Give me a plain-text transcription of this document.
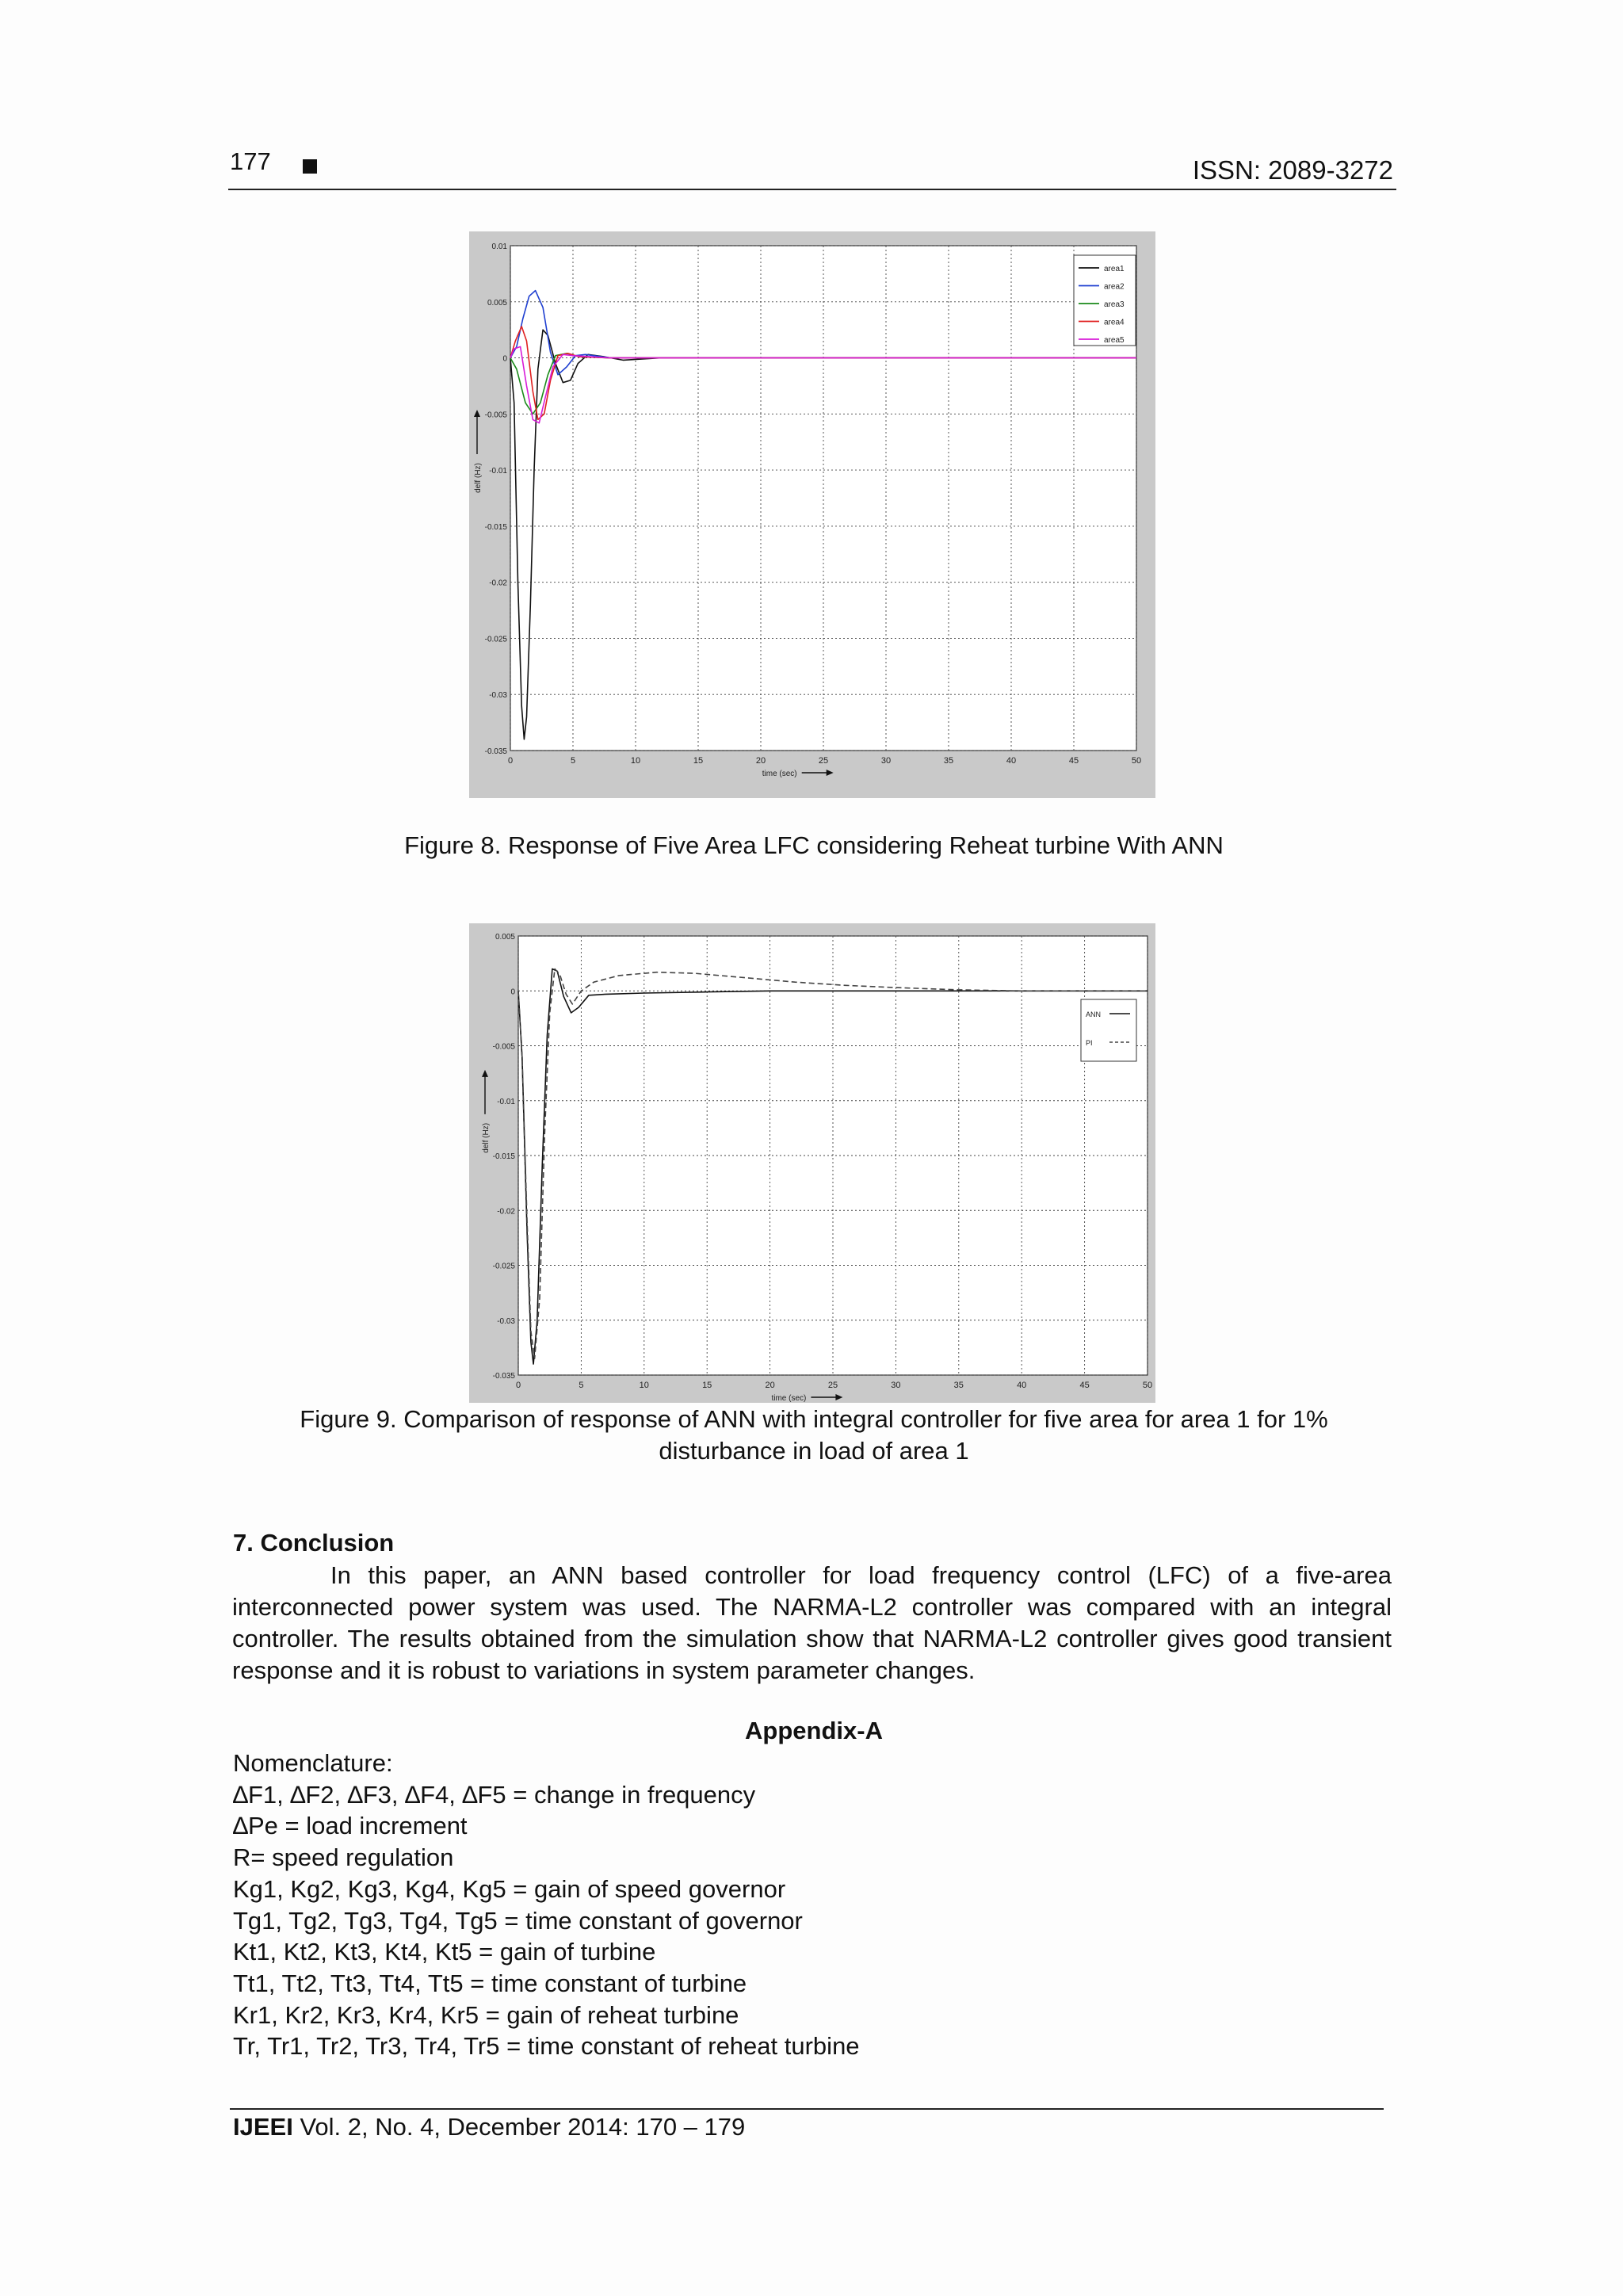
177	ISSN: 2089-3272
0	5	10	15	20	25	30	35	40	45	50
0.01
0.005
0
-0.005
-0.01
-0.015
-0.02
-0.025
-0.03
-0.035
time (sec)
delf (Hz)
area1
area2
area3
area4
area5
Figure 8. Response of Five Area LFC considering Reheat turbine With ANN
0	5	10	15	20	25	30	35	40	45	50
0.005
0
-0.005
-0.01
-0.015
-0.02
-0.025
-0.03
-0.035
time (sec)
delf (Hz)
ANN
PI
Figure 9. Comparison of response of ANN with integral controller for five area for area 1 for 1%
disturbance in load of area 1
7. Conclusion

In this paper, an ANN based controller for load frequency control (LFC) of a five-area interconnected power system was used. The NARMA-L2 controller was compared with an integral controller. The results obtained from the simulation show that NARMA-L2 controller gives good transient response and it is robust to variations in system parameter changes.

Appendix-A
Nomenclature:
∆F1, ∆F2, ∆F3, ∆F4, ∆F5 = change in frequency
∆Pe = load increment
R= speed regulation
Kg1, Kg2, Kg3, Kg4, Kg5 = gain of speed governor
Tg1, Tg2, Tg3, Tg4, Tg5 = time constant of governor
Kt1, Kt2, Kt3, Kt4, Kt5 = gain of turbine
Tt1, Tt2, Tt3, Tt4, Tt5 = time constant of turbine
Kr1, Kr2, Kr3, Kr4, Kr5 = gain of reheat turbine
Tr, Tr1, Tr2, Tr3, Tr4, Tr5 = time constant of reheat turbine
IJEEI Vol. 2, No. 4, December 2014: 170 – 179
